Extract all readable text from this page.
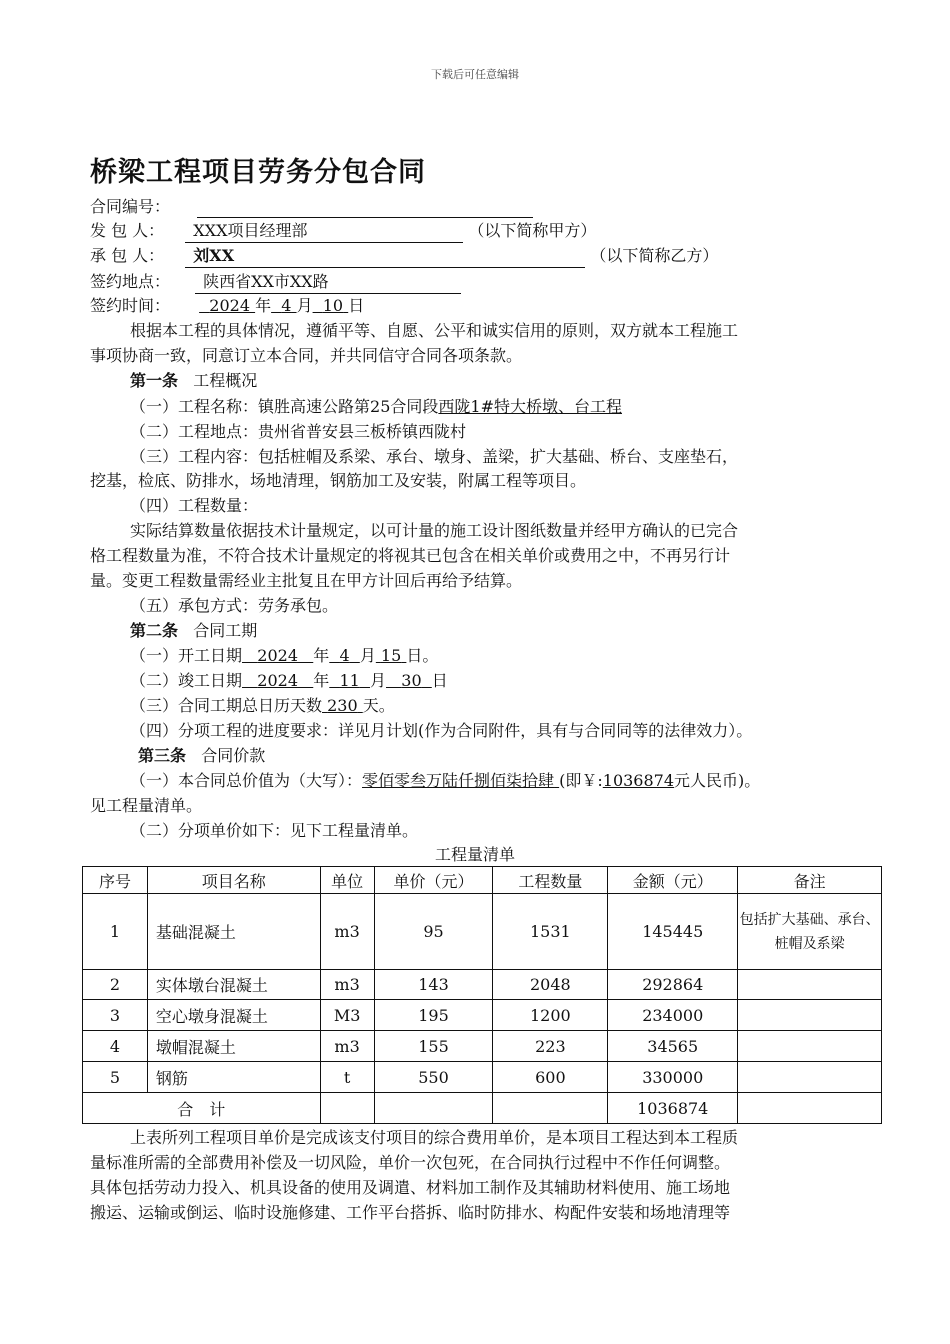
下载后可任意编辑
桥梁工程项目劳务分包合同
合同编号：
发 包 人： XXX项目经理部	（以下简称甲方）
承 包 人： 刘XX	（以下简称乙方）
签约地点： 陕西省XX市XX路
签约时间： 2024 年 4 月 10 日
根据本工程的具体情况，遵循平等、自愿、公平和诚实信用的原则，双方就本工程施工
事项协商一致，同意订立本合同，并共同信守合同各项条款。
第一条 工程概况
（一）工程名称：镇胜高速公路第25合同段西陇1#特大桥墩、台工程
（二）工程地点：贵州省普安县三板桥镇西陇村
（三）工程内容：包括桩帽及系梁、承台、墩身、盖梁，扩大基础、桥台、支座垫石，
挖基，检底、防排水，场地清理，钢筋加工及安装，附属工程等项目。
（四）工程数量：
实际结算数量依据技术计量规定，以可计量的施工设计图纸数量并经甲方确认的已完合
格工程数量为准，不符合技术计量规定的将视其已包含在相关单价或费用之中，不再另行计
量。变更工程数量需经业主批复且在甲方计回后再给予结算。
（五）承包方式：劳务承包。
第二条 合同工期
（一）开工日期 2024 年 4 月 15 日。
（二）竣工日期 2024 年 11 月 30 日
（三）合同工期总日历天数 230 天。
（四）分项工程的进度要求：详见月计划(作为合同附件，具有与合同同等的法律效力）。
第三条 合同价款
（一）本合同总价值为（大写）：零佰零叁万陆仟捌佰柒拾肆 (即￥:1036874元人民币)。
见工程量清单。
（二）分项单价如下：见下工程量清单。
工程量清单
序号	项目名称	单位	单价（元）	工程数量	金额（元）	备注
1	基础混凝土	m3	95	1531	145445	包括扩大基础、承台、桩帽及系梁
2	实体墩台混凝土	m3	143	2048	292864	
3	空心墩身混凝土	M3	195	1200	234000	
4	墩帽混凝土	m3	155	223	34565	
5	钢筋	t	550	600	330000	
合　计					1036874	
上表所列工程项目单价是完成该支付项目的综合费用单价，是本项目工程达到本工程质
量标准所需的全部费用补偿及一切风险，单价一次包死，在合同执行过程中不作任何调整。
具体包括劳动力投入、机具设备的使用及调遣、材料加工制作及其辅助材料使用、施工场地
搬运、运输或倒运、临时设施修建、工作平台搭拆、临时防排水、构配件安装和场地清理等
